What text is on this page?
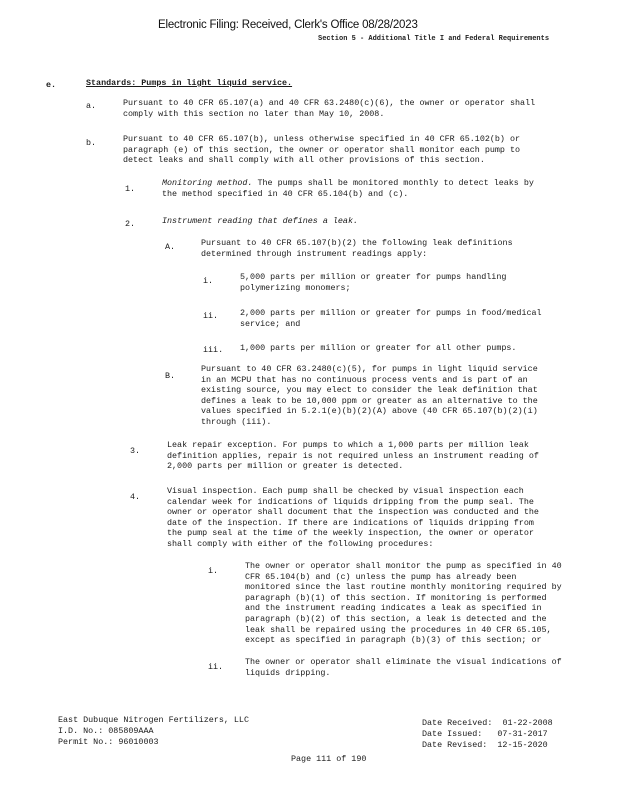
Electronic Filing: Received, Clerk's Office 08/28/2023
Section 5 - Additional Title I and Federal Requirements
e.	Standards: Pumps in light liquid service.
a.	Pursuant to 40 CFR 65.107(a) and 40 CFR 63.2480(c)(6), the owner or operator shall
comply with this section no later than May 10, 2008.
b.	Pursuant to 40 CFR 65.107(b), unless otherwise specified in 40 CFR 65.102(b) or
paragraph (e) of this section, the owner or operator shall monitor each pump to
detect leaks and shall comply with all other provisions of this section.
1.
Monitoring method. The pumps shall be monitored monthly to detect leaks by
the method specified in 40 CFR 65.104(b) and (c).
2.	Instrument reading that defines a leak.
A.	Pursuant to 40 CFR 65.107(b)(2) the following leak definitions
determined through instrument readings apply:
i.	5,000 parts per million or greater for pumps handling
polymerizing monomers;
ii.	2,000 parts per million or greater for pumps in food/medical
service; and
iii. 1,000 parts per million or greater for all other pumps.
B.
Pursuant to 40 CFR 63.2480(c)(5), for pumps in light liquid service
in an MCPU that has no continuous process vents and is part of an
existing source, you may elect to consider the leak definition that
defines a leak to be 10,000 ppm or greater as an alternative to the
values specified in 5.2.1(e)(b)(2)(A) above (40 CFR 65.107(b)(2)(i)
through (iii).
3.
Leak repair exception. For pumps to which a 1,000 parts per million leak
definition applies, repair is not required unless an instrument reading of
2,000 parts per million or greater is detected.
4.
Visual inspection. Each pump shall be checked by visual inspection each
calendar week for indications of liquids dripping from the pump seal. The
owner or operator shall document that the inspection was conducted and the
date of the inspection. If there are indications of liquids dripping from
the pump seal at the time of the weekly inspection, the owner or operator
shall comply with either of the following procedures:
i.	The owner or operator shall monitor the pump as specified in 40
CFR 65.104(b) and (c) unless the pump has already been
monitored since the last routine monthly monitoring required by
paragraph (b)(1) of this section. If monitoring is performed
and the instrument reading indicates a leak as specified in
paragraph (b)(2) of this section, a leak is detected and the
leak shall be repaired using the procedures in 40 CFR 65.105,
except as specified in paragraph (b)(3) of this section; or
ii.	The owner or operator shall eliminate the visual indications of
liquids dripping.
East Dubuque Nitrogen Fertilizers, LLC
I.D. No.: 085809AAA
Permit No.: 96010003
Date Received: 01-22-2008
Date Issued: 07-31-2017
Date Revised: 12-15-2020
Page 111 of 190
